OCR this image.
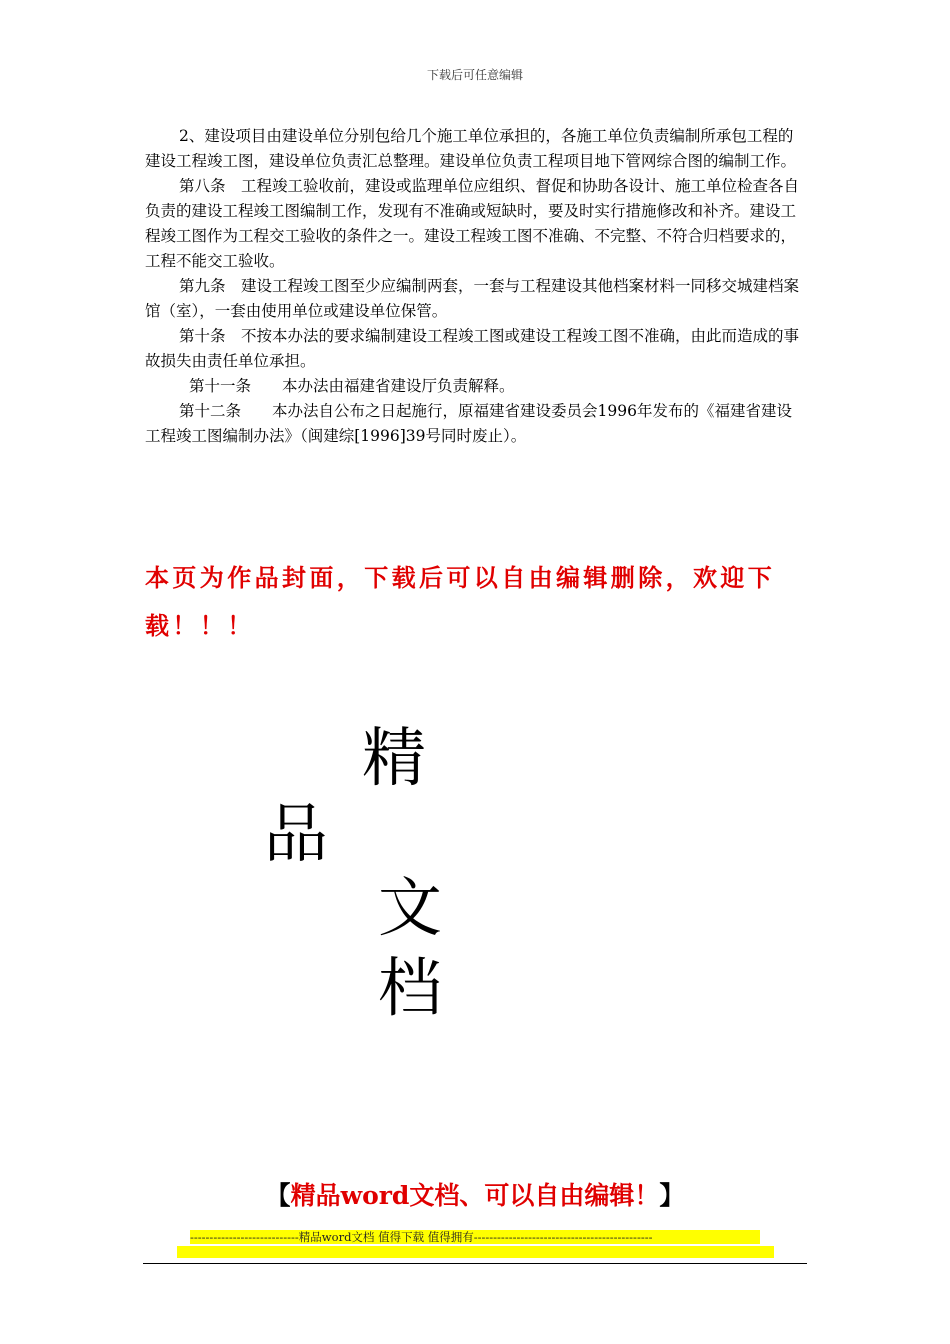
下载后可任意编辑

2、建设项目由建设单位分别包给几个施工单位承担的，各施工单位负责编制所承包工程的建设工程竣工图，建设单位负责汇总整理。建设单位负责工程项目地下管网综合图的编制工作。

第八条　工程竣工验收前，建设或监理单位应组织、督促和协助各设计、施工单位检查各自负责的建设工程竣工图编制工作，发现有不准确或短缺时，要及时实行措施修改和补齐。建设工程竣工图作为工程交工验收的条件之一。建设工程竣工图不准确、不完整、不符合归档要求的，工程不能交工验收。

第九条　建设工程竣工图至少应编制两套，一套与工程建设其他档案材料一同移交城建档案馆（室），一套由使用单位或建设单位保管。

第十条　不按本办法的要求编制建设工程竣工图或建设工程竣工图不准确，由此而造成的事故损失由责任单位承担。

第十一条　　本办法由福建省建设厅负责解释。

第十二条　　本办法自公布之日起施行，原福建省建设委员会1996年发布的《福建省建设工程竣工图编制办法》（闽建综[1996]39号同时废止）。

本页为作品封面，下载后可以自由编辑删除，欢迎下载！！！
精
品
文
档
【精品word文档、可以自由编辑！】
----------------------------精品word文档 值得下载 值得拥有----------------------------------------------
